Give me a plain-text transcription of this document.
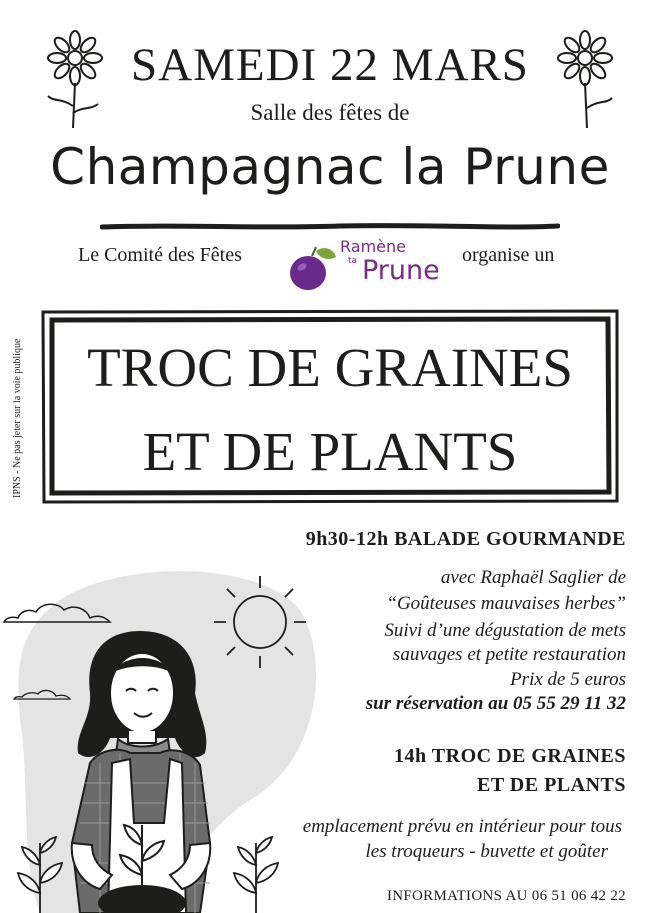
SAMEDI 22 MARS
Salle des fêtes de
Champagnac la Prune
Le Comité des Fêtes	Ramène
ta Prune organise un
TROC DE GRAINES
ET DE PLANTS
IPNS - Ne pas jeter sur la voie publique
9h30-12h BALADE GOURMANDE
avec Raphaël Saglier de
“Goûteuses mauvaises herbes”
Suivi d’une dégustation de mets
sauvages et petite restauration
Prix de 5 euros
sur réservation au 05 55 29 11 32
14h TROC DE GRAINES
ET DE PLANTS
emplacement prévu en intérieur pour tous
les troqueurs - buvette et goûter
INFORMATIONS AU 06 51 06 42 22
